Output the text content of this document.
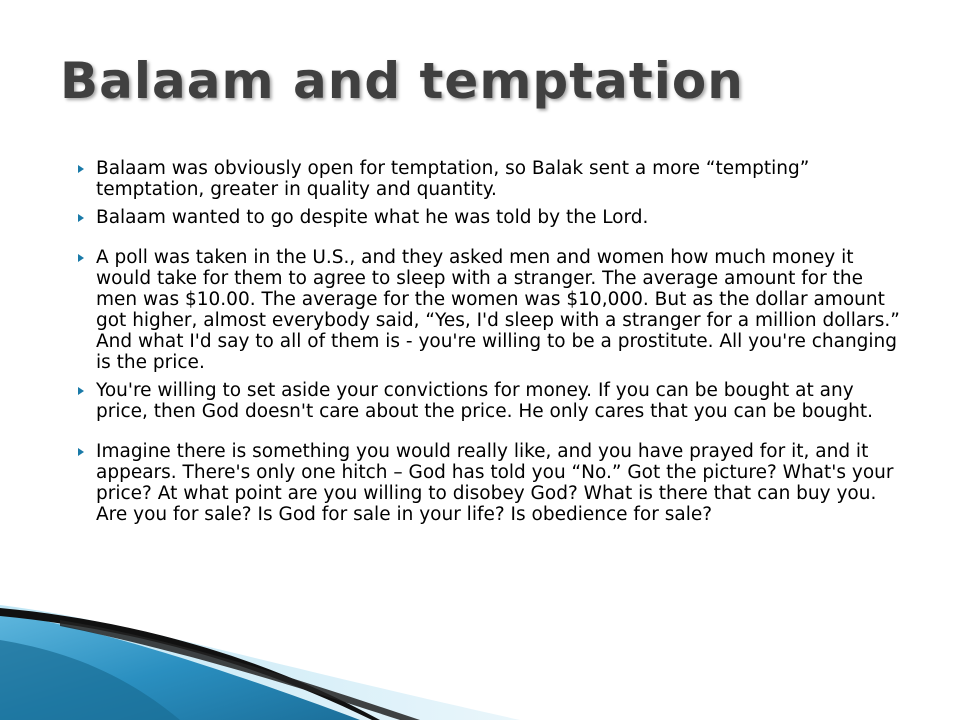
Balaam and temptation
Balaam was obviously open for temptation, so Balak sent a more “tempting” temptation, greater in quality and quantity.
Balaam wanted to go despite what he was told by the Lord.
A poll was taken in the U.S., and they asked men and women how much money it would take for them to agree to sleep with a stranger. The average amount for the men was $10.00. The average for the women was $10,000. But as the dollar amount got higher, almost everybody said, “Yes, I'd sleep with a stranger for a million dollars.” And what I'd say to all of them is - you're willing to be a prostitute. All you're changing is the price.
You're willing to set aside your convictions for money. If you can be bought at any price, then God doesn't care about the price. He only cares that you can be bought.
Imagine there is something you would really like, and you have prayed for it, and it appears. There's only one hitch – God has told you “No.” Got the picture? What's your price? At what point are you willing to disobey God? What is there that can buy you. Are you for sale? Is God for sale in your life? Is obedience for sale?
